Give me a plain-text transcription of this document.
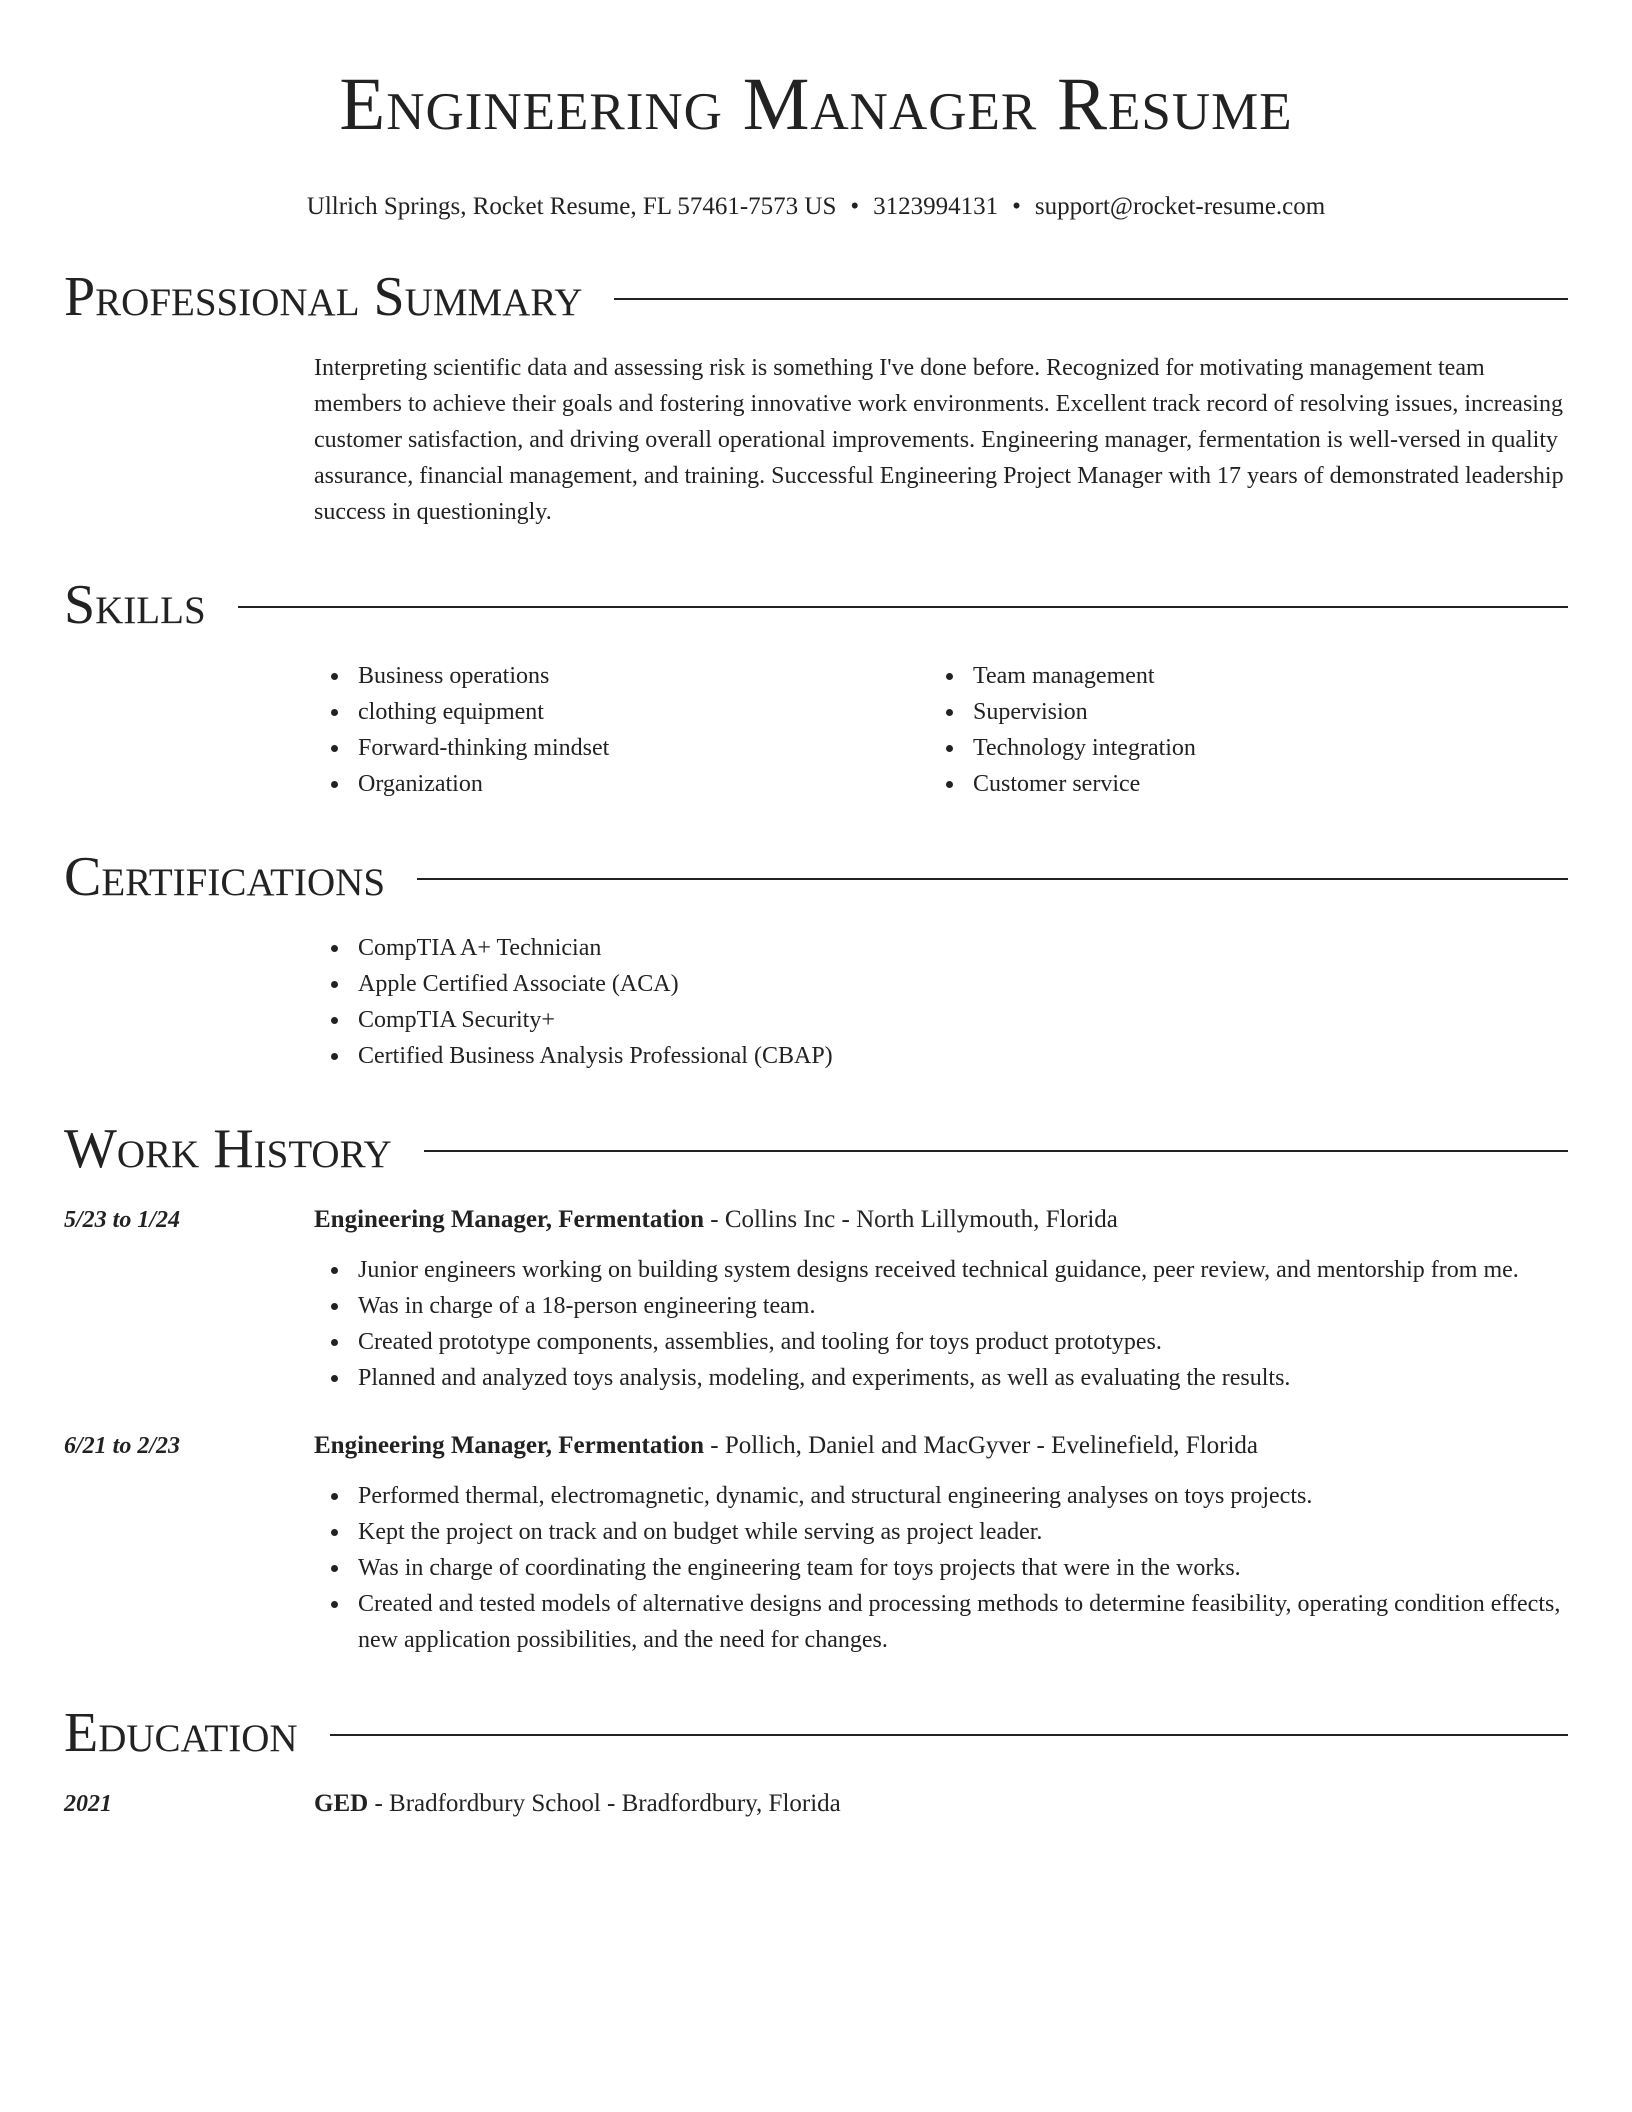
Engineering Manager Resume
Ullrich Springs, Rocket Resume, FL 57461-7573 US • 3123994131 • support@rocket-resume.com
Professional Summary
Interpreting scientific data and assessing risk is something I've done before. Recognized for motivating management team members to achieve their goals and fostering innovative work environments. Excellent track record of resolving issues, increasing customer satisfaction, and driving overall operational improvements. Engineering manager, fermentation is well-versed in quality assurance, financial management, and training. Successful Engineering Project Manager with 17 years of demonstrated leadership success in questioningly.
Skills
Business operations
clothing equipment
Forward-thinking mindset
Organization
Team management
Supervision
Technology integration
Customer service
Certifications
CompTIA A+ Technician
Apple Certified Associate (ACA)
CompTIA Security+
Certified Business Analysis Professional (CBAP)
Work History
5/23 to 1/24	Engineering Manager, Fermentation - Collins Inc - North Lillymouth, Florida
Junior engineers working on building system designs received technical guidance, peer review, and mentorship from me.
Was in charge of a 18-person engineering team.
Created prototype components, assemblies, and tooling for toys product prototypes.
Planned and analyzed toys analysis, modeling, and experiments, as well as evaluating the results.
6/21 to 2/23	Engineering Manager, Fermentation - Pollich, Daniel and MacGyver - Evelinefield, Florida
Performed thermal, electromagnetic, dynamic, and structural engineering analyses on toys projects.
Kept the project on track and on budget while serving as project leader.
Was in charge of coordinating the engineering team for toys projects that were in the works.
Created and tested models of alternative designs and processing methods to determine feasibility, operating condition effects, new application possibilities, and the need for changes.
Education
2021	GED - Bradfordbury School - Bradfordbury, Florida
